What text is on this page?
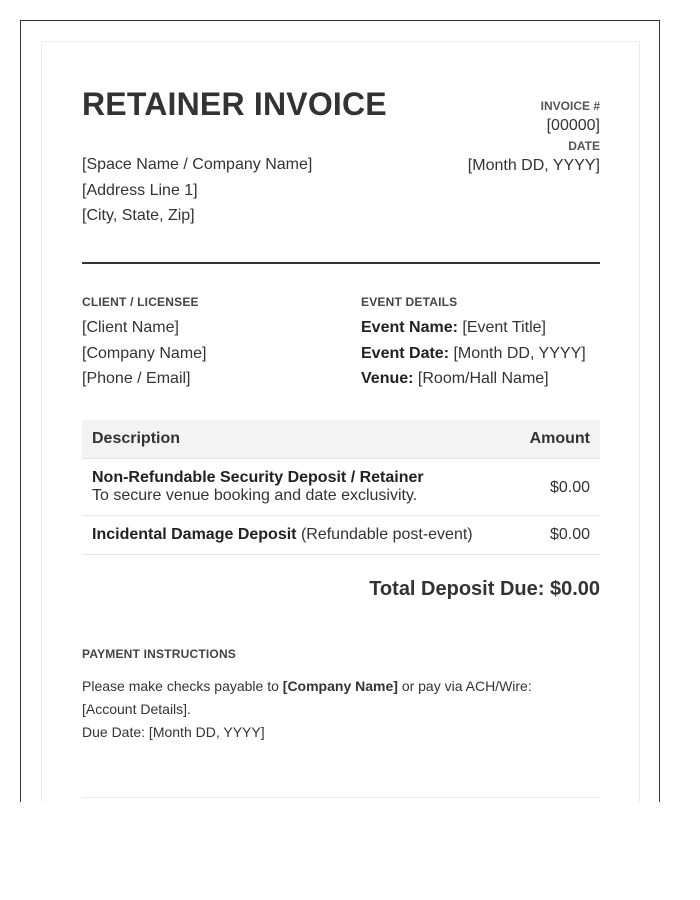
RETAINER INVOICE
[Space Name / Company Name]
[Address Line 1]
[City, State, Zip]
INVOICE #
[00000]
DATE
[Month DD, YYYY]
CLIENT / LICENSEE
[Client Name]
[Company Name]
[Phone / Email]
EVENT DETAILS
Event Name: [Event Title]
Event Date: [Month DD, YYYY]
Venue: [Room/Hall Name]
Description	Amount
Non-Refundable Security Deposit / Retainer
To secure venue booking and date exclusivity.	$0.00
Incidental Damage Deposit (Refundable post-event)	$0.00
Total Deposit Due: $0.00
PAYMENT INSTRUCTIONS
Please make checks payable to [Company Name] or pay via ACH/Wire:
[Account Details].
Due Date: [Month DD, YYYY]
